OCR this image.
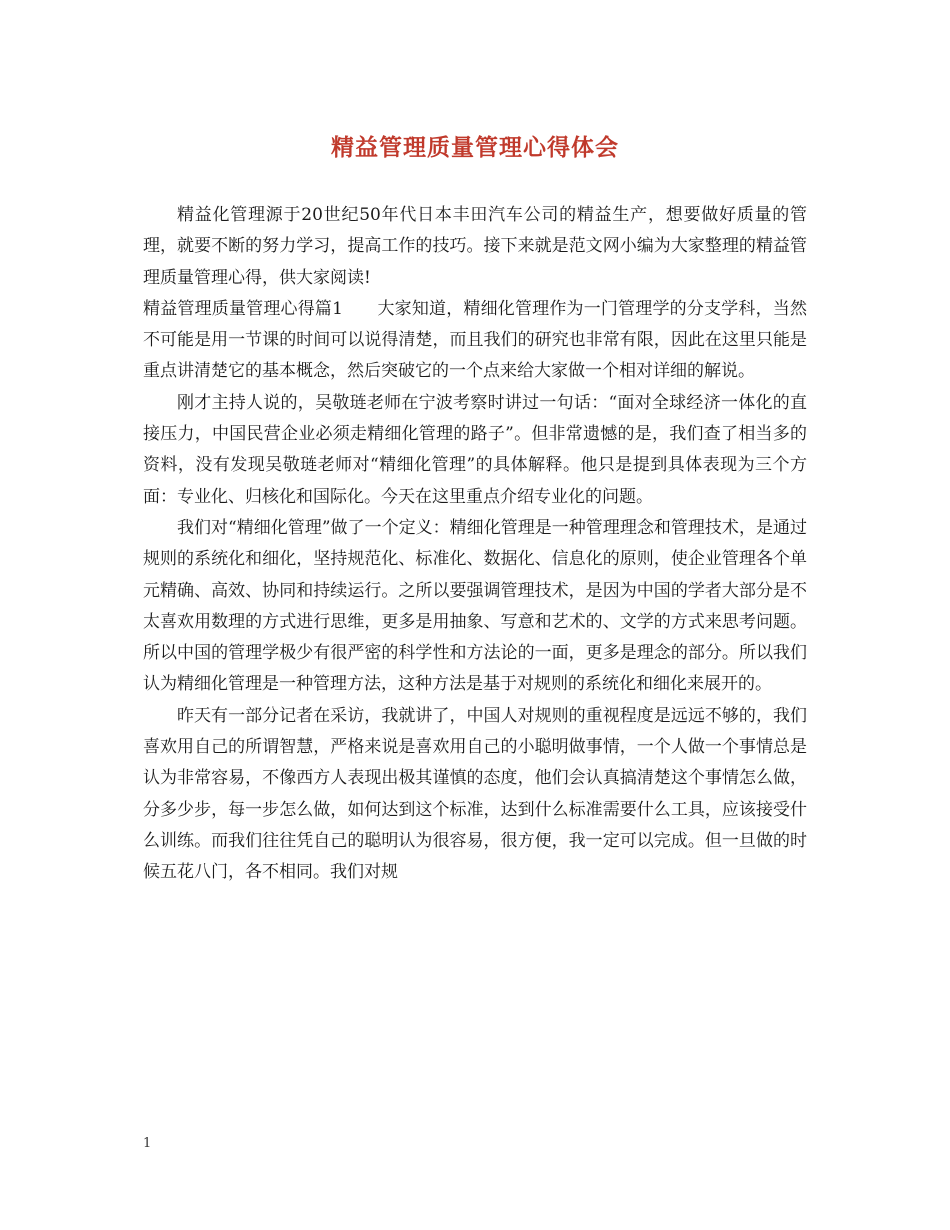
精益管理质量管理心得体会

精益化管理源于20世纪50年代日本丰田汽车公司的精益生产，想要做好质量的管理，就要不断的努力学习，提高工作的技巧。接下来就是范文网小编为大家整理的精益管理质量管理心得，供大家阅读!

精益管理质量管理心得篇1　　大家知道，精细化管理作为一门管理学的分支学科，当然不可能是用一节课的时间可以说得清楚，而且我们的研究也非常有限，因此在这里只能是重点讲清楚它的基本概念，然后突破它的一个点来给大家做一个相对详细的解说。

刚才主持人说的，吴敬琏老师在宁波考察时讲过一句话：“面对全球经济一体化的直接压力，中国民营企业必须走精细化管理的路子”。但非常遗憾的是，我们查了相当多的资料，没有发现吴敬琏老师对“精细化管理”的具体解释。他只是提到具体表现为三个方面：专业化、归核化和国际化。今天在这里重点介绍专业化的问题。

我们对“精细化管理”做了一个定义：精细化管理是一种管理理念和管理技术，是通过规则的系统化和细化，坚持规范化、标准化、数据化、信息化的原则，使企业管理各个单元精确、高效、协同和持续运行。之所以要强调管理技术，是因为中国的学者大部分是不太喜欢用数理的方式进行思维，更多是用抽象、写意和艺术的、文学的方式来思考问题。所以中国的管理学极少有很严密的科学性和方法论的一面，更多是理念的部分。所以我们认为精细化管理是一种管理方法，这种方法是基于对规则的系统化和细化来展开的。

昨天有一部分记者在采访，我就讲了，中国人对规则的重视程度是远远不够的，我们喜欢用自己的所谓智慧，严格来说是喜欢用自己的小聪明做事情，一个人做一个事情总是认为非常容易，不像西方人表现出极其谨慎的态度，他们会认真搞清楚这个事情怎么做，分多少步，每一步怎么做，如何达到这个标准，达到什么标准需要什么工具，应该接受什么训练。而我们往往凭自己的聪明认为很容易，很方便，我一定可以完成。但一旦做的时候五花八门，各不相同。我们对规

1
